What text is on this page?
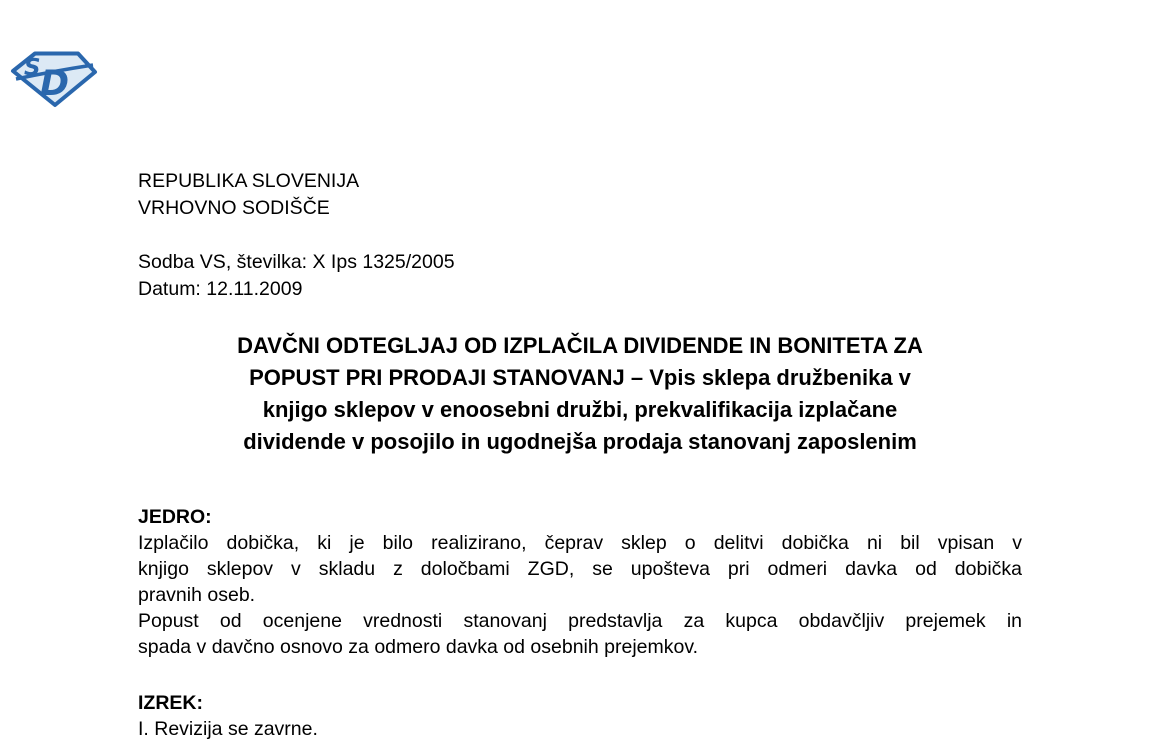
S D
REPUBLIKA SLOVENIJA
VRHOVNO SODIŠČE
Sodba VS, številka: X Ips 1325/2005
Datum: 12.11.2009
DAVČNI ODTEGLJAJ OD IZPLAČILA DIVIDENDE IN BONITETA ZA
POPUST PRI PRODAJI STANOVANJ – Vpis sklepa družbenika v
knjigo sklepov v enoosebni družbi, prekvalifikacija izplačane
dividende v posojilo in ugodnejša prodaja stanovanj zaposlenim
JEDRO:
Izplačilo dobička, ki je bilo realizirano, čeprav sklep o delitvi dobička ni bil vpisan v
knjigo sklepov v skladu z določbami ZGD, se upošteva pri odmeri davka od dobička
pravnih oseb.
Popust od ocenjene vrednosti stanovanj predstavlja za kupca obdavčljiv prejemek in
spada v davčno osnovo za odmero davka od osebnih prejemkov.
IZREK:
I. Revizija se zavrne.
